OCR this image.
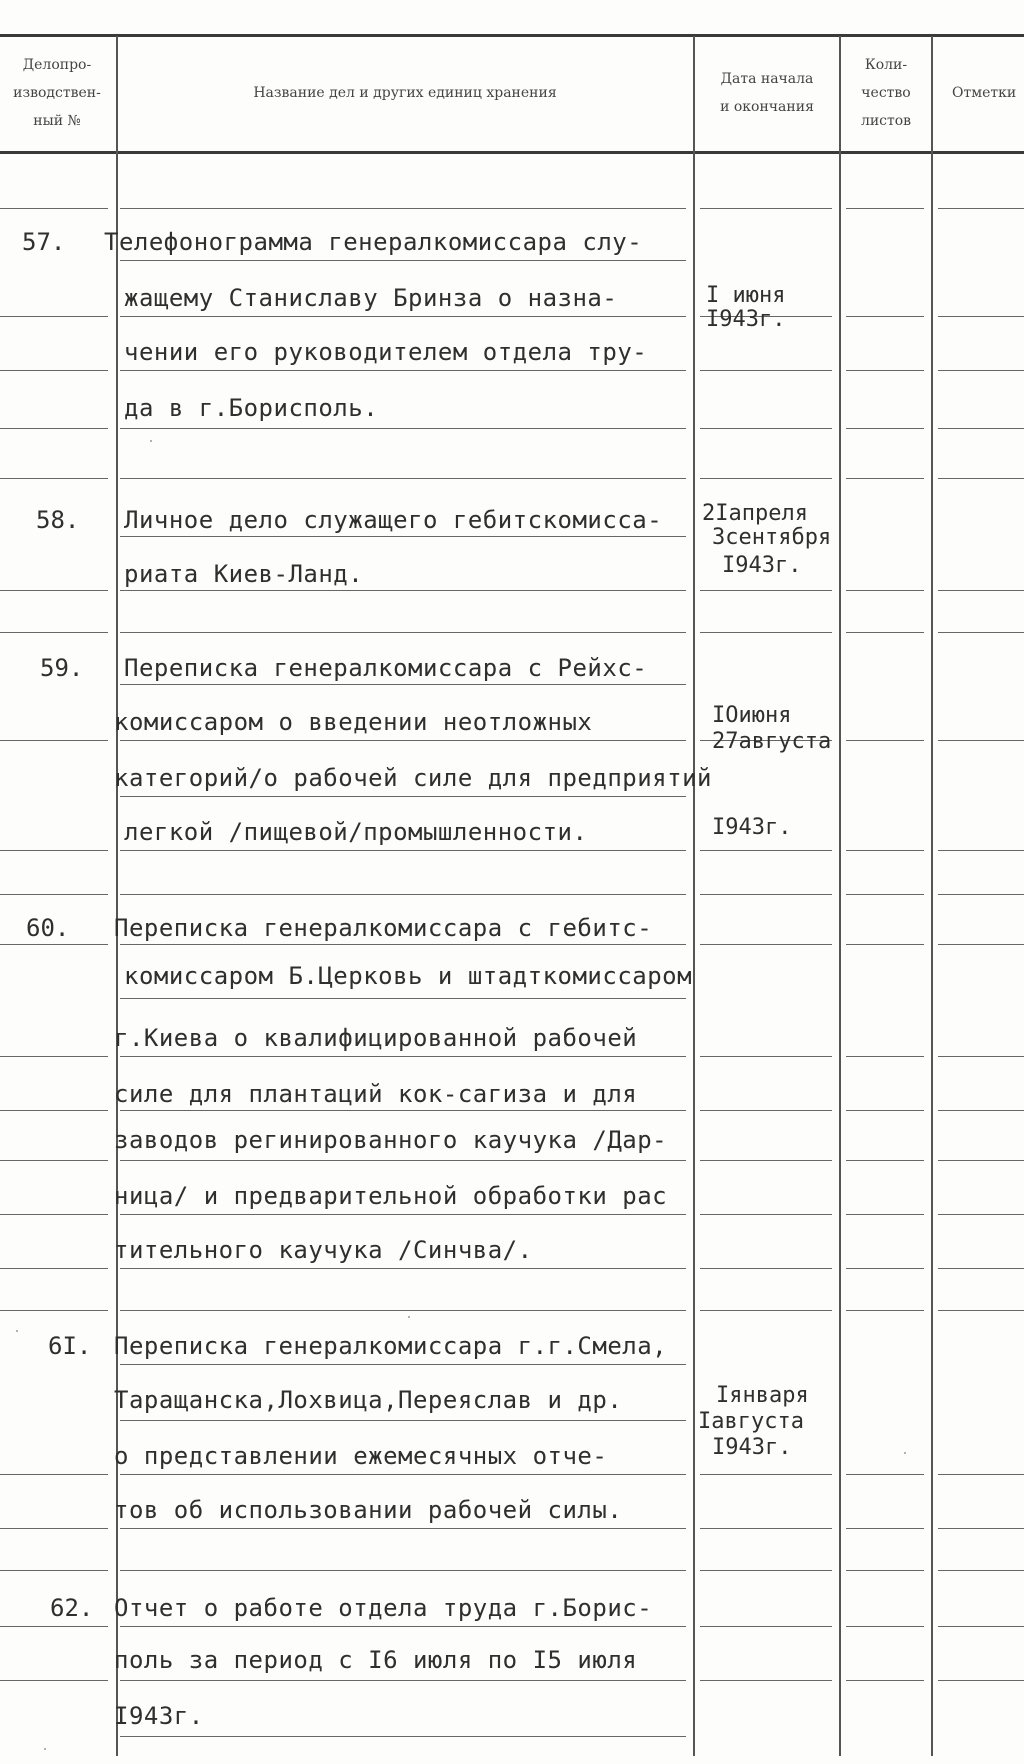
Делопро-
изводствен-
ный №
Название дел и других единиц хранения
Дата начала
и окончания
Коли-
чество
листов
Отметки
57. Телефонограмма генералкомиссара слу-
жащему Станиславу Бринза о назна-
чении его руководителем отдела тру-
да в г.Борисполь.
I июня
I943г.
58. Личное дело служащего гебитскомисса-
риата Киев-Ланд.
2Iапреля
3сентября
I943г.
59. Переписка генералкомиссара с Рейхс-
комиссаром о введении неотложных
категорий/о рабочей силе для предприятий
легкой /пищевой/промышленности.
IОиюня
27августа
I943г.
60. Переписка генералкомиссара с гебитс-
комиссаром Б.Церковь и штадткомиссаром
г.Киева о квалифицированной рабочей
силе для плантаций кок-сагиза и для
заводов регинированного каучука /Дар-
ница/ и предварительной обработки рас
тительного каучука /Синчва/.
6I. Переписка генералкомиссара г.г.Смела,
Таращанска,Лохвица,Переяслав и др.
о представлении ежемесячных отче-
тов об использовании рабочей силы.
Iянваря
Iавгуста
I943г.
62. Отчет о работе отдела труда г.Борис-
поль за период с I6 июля по I5 июля
I943г.
